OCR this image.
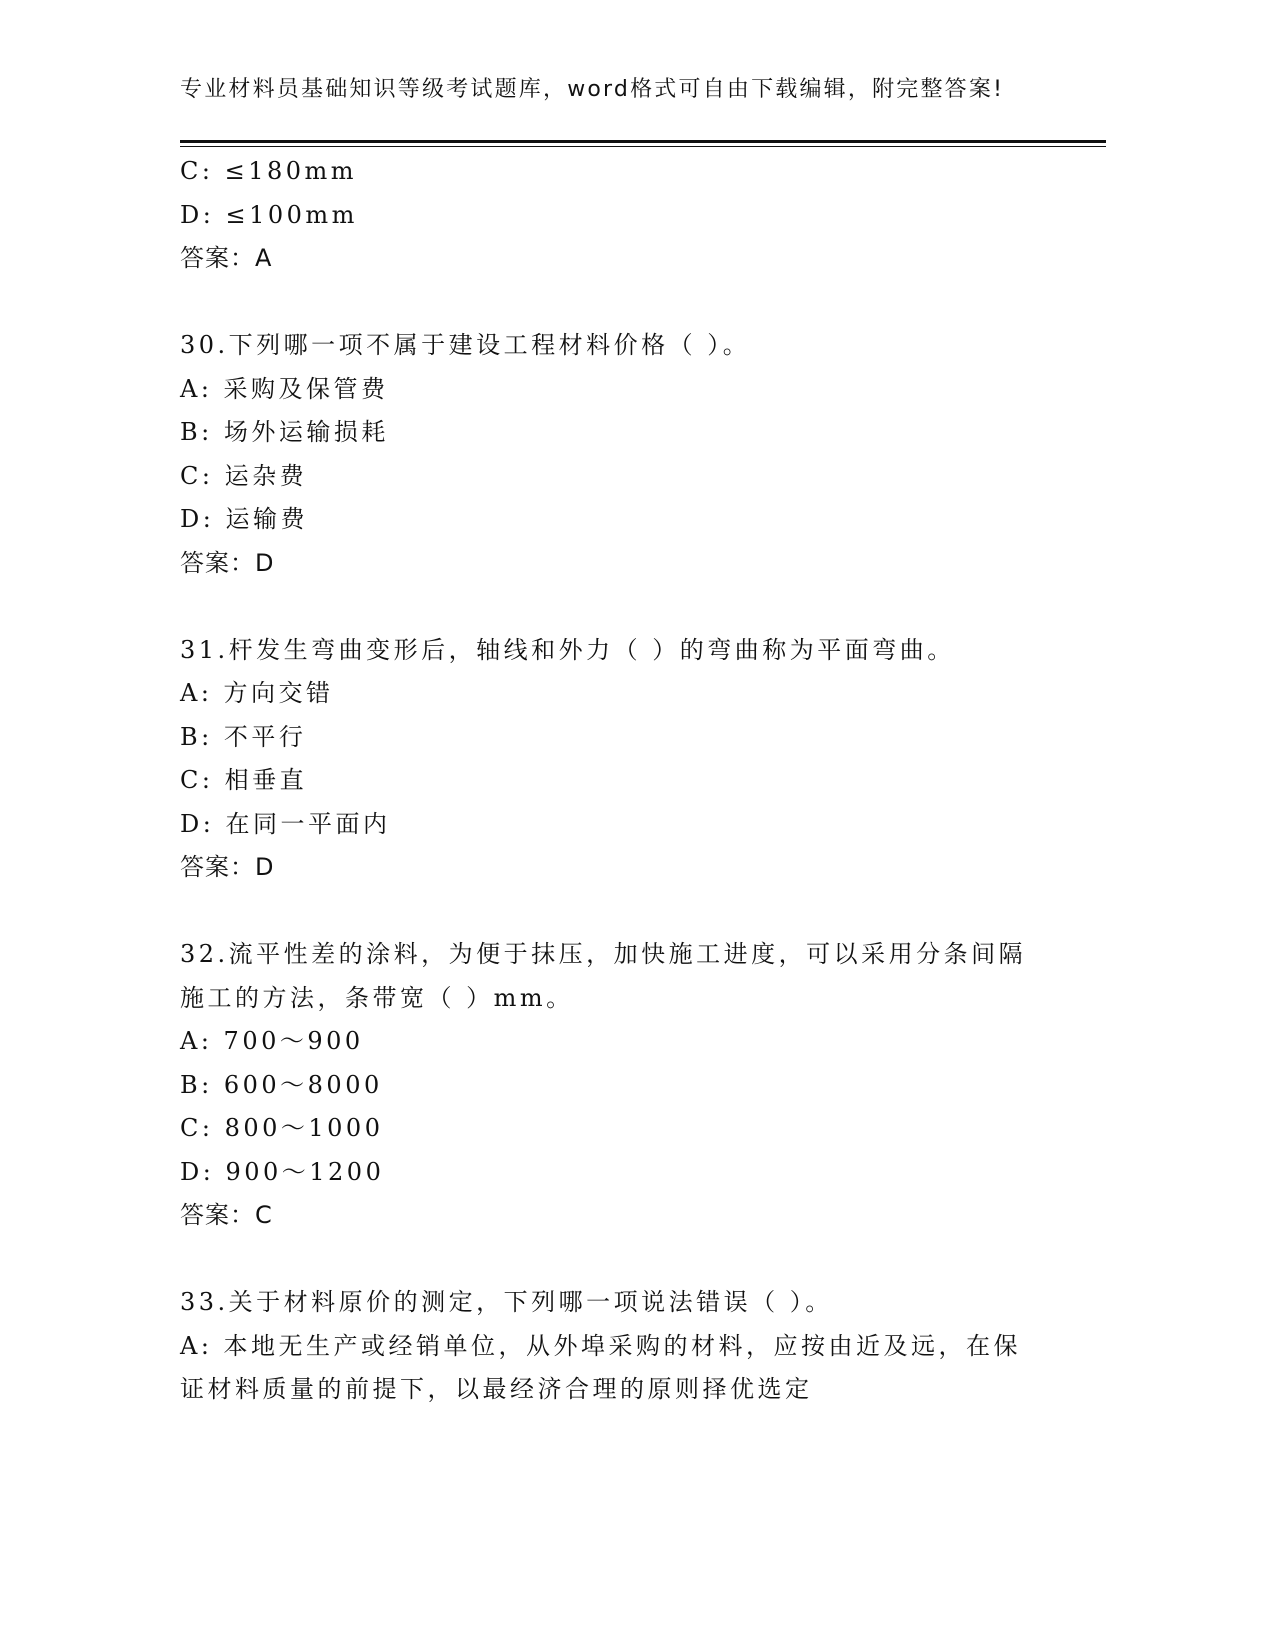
专业材料员基础知识等级考试题库，word格式可自由下载编辑，附完整答案!
C: ≤180mm
D: ≤100mm
答案：A
30.下列哪一项不属于建设工程材料价格（ ）。
A: 采购及保管费
B: 场外运输损耗
C: 运杂费
D: 运输费
答案：D
31.杆发生弯曲变形后，轴线和外力（ ）的弯曲称为平面弯曲。
A: 方向交错
B: 不平行
C: 相垂直
D: 在同一平面内
答案：D
32.流平性差的涂料，为便于抹压，加快施工进度，可以采用分条间隔
施工的方法，条带宽（ ）mm。
A: 700～900
B: 600～8000
C: 800～1000
D: 900～1200
答案：C
33.关于材料原价的测定，下列哪一项说法错误（ ）。
A: 本地无生产或经销单位，从外埠采购的材料，应按由近及远，在保
证材料质量的前提下，以最经济合理的原则择优选定
